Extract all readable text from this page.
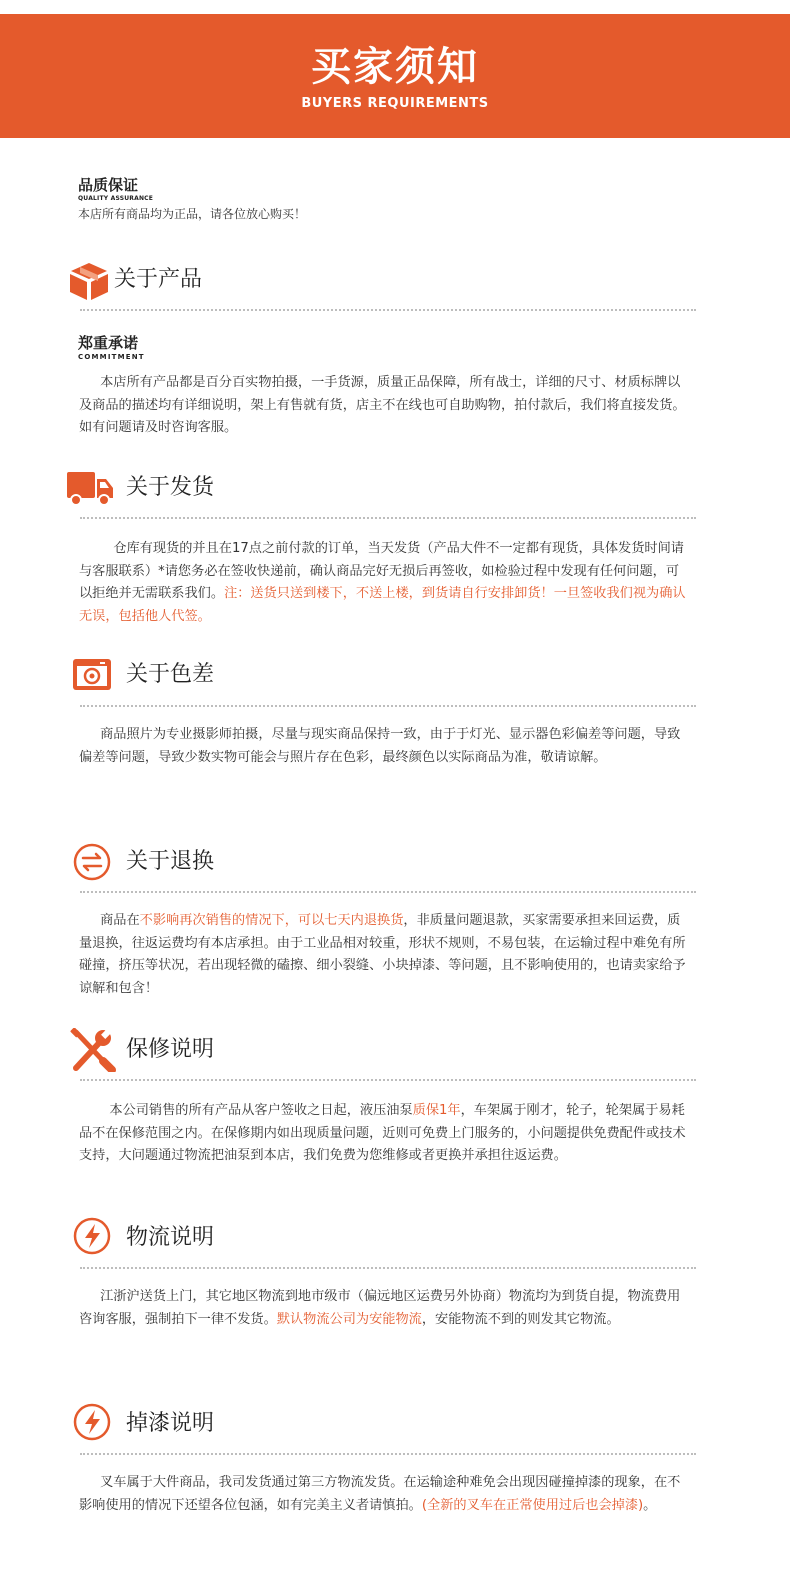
买家须知
BUYERS REQUIREMENTS
品质保证
QUALITY ASSURANCE
本店所有商品均为正品，请各位放心购买！
关于产品
郑重承诺
COMMITMENT
本店所有产品都是百分百实物拍摄，一手货源，质量正品保障，所有战士，详细的尺寸、材质标牌以及商品的描述均有详细说明，架上有售就有货，店主不在线也可自助购物，拍付款后，我们将直接发货。如有问题请及时咨询客服。
关于发货
仓库有现货的并且在17点之前付款的订单，当天发货（产品大件不一定都有现货，具体发货时间请与客服联系）*请您务必在签收快递前，确认商品完好无损后再签收，如检验过程中发现有任何问题，可以拒绝并无需联系我们。注：送货只送到楼下，不送上楼，到货请自行安排卸货！一旦签收我们视为确认无误，包括他人代签。
关于色差
商品照片为专业摄影师拍摄，尽量与现实商品保持一致，由于于灯光、显示器色彩偏差等问题，导致偏差等问题，导致少数实物可能会与照片存在色彩，最终颜色以实际商品为准，敬请谅解。
关于退换
商品在不影响再次销售的情况下，可以七天内退换货，非质量问题退款，买家需要承担来回运费，质量退换，往返运费均有本店承担。由于工业品相对较重，形状不规则，不易包装，在运输过程中难免有所碰撞，挤压等状况，若出现轻微的磕擦、细小裂缝、小块掉漆、等问题，且不影响使用的，也请卖家给予谅解和包含！
保修说明
本公司销售的所有产品从客户签收之日起，液压油泵质保1年，车架属于刚才，轮子，轮架属于易耗品不在保修范围之内。在保修期内如出现质量问题，近则可免费上门服务的，小问题提供免费配件或技术支持，大问题通过物流把油泵到本店，我们免费为您维修或者更换并承担往返运费。
物流说明
江浙沪送货上门，其它地区物流到地市级市（偏远地区运费另外协商）物流均为到货自提，物流费用咨询客服，强制拍下一律不发货。默认物流公司为安能物流，安能物流不到的则发其它物流。
掉漆说明
叉车属于大件商品，我司发货通过第三方物流发货。在运输途种难免会出现因碰撞掉漆的现象，在不影响使用的情况下还望各位包涵，如有完美主义者请慎拍。(全新的叉车在正常使用过后也会掉漆)。
